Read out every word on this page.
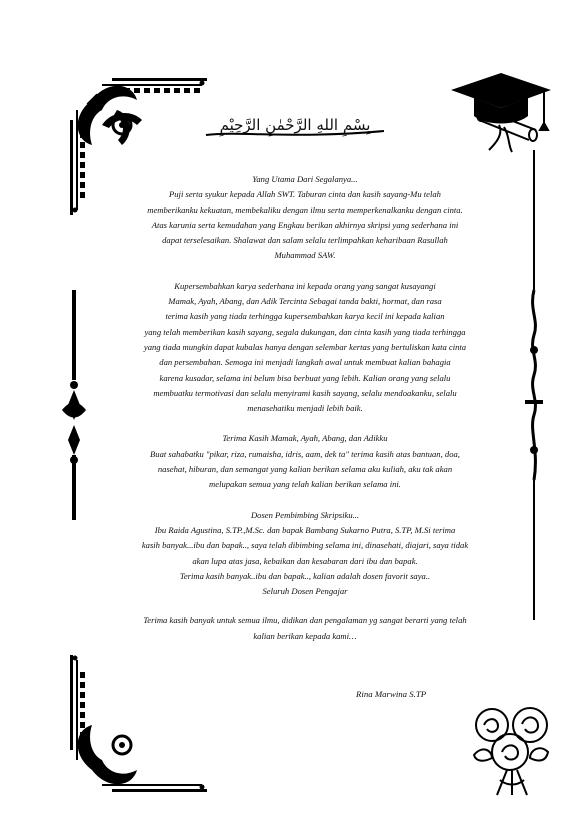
بِسْمِ اللهِ الرَّحْمٰنِ الرَّحِيْمِ

Yang Utama Dari Segalanya...

Puji serta syukur kepada Allah SWT. Taburan cinta dan kasih sayang-Mu telah

memberikanku kekuatan, membekaliku dengan ilmu serta memperkenalkanku dengan cinta.

Atas karunia serta kemudahan yang Engkau berikan akhirnya skripsi yang sederhana ini

dapat terselesaikan. Shalawat dan salam selalu terlimpahkan keharibaan Rasullah

Muhammad SAW.

Kupersembahkan karya sederhana ini kepada orang yang sangat kusayangi

Mamak, Ayah, Abang, dan Adik Tercinta Sebagai tanda bakti, hormat, dan rasa

terima kasih yang tiada terhingga kupersembahkan karya kecil ini kepada kalian

yang telah memberikan kasih sayang, segala dukungan, dan cinta kasih yang tiada terhingga

yang tiada mungkin dapat kubalas hanya dengan selembar kertas yang bertuliskan kata cinta

dan persembahan. Semoga ini menjadi langkah awal untuk membuat kalian bahagia

karena kusadar, selama ini belum bisa berbuat yang lebih. Kalian orang yang selalu

membuatku termotivasi dan selalu menyirami kasih sayang, selalu mendoakanku, selalu

menasehatiku menjadi lebih baik.

Terima Kasih Mamak, Ayah, Abang, dan Adikku

Buat sahabatku "pikar, riza, rumaisha, idris, aam, dek ta" terima kasih atas bantuan, doa,

nasehat, hiburan, dan semangat yang kalian berikan selama aku kuliah, aku tak akan

melupakan semua yang telah kalian berikan selama ini.

Dosen Pembimbing Skripsiku...

Ibu Raida Agustina, S.TP.,M.Sc. dan bapak Bambang Sukarno Putra, S.TP, M.Si terima

kasih banyak...ibu dan bapak.., saya telah dibimbing selama ini, dinasehati, diajari, saya tidak

akan lupa atas jasa, kebaikan dan kesabaran dari ibu dan bapak.

Terima kasih banyak..ibu dan bapak.., kalian adalah dosen favorit saya..

Seluruh Dosen Pengajar

Terima kasih banyak untuk semua ilmu, didikan dan pengalaman yg sangat berarti yang telah

kalian berikan kepada kami…

Rina Marwina S.TP
